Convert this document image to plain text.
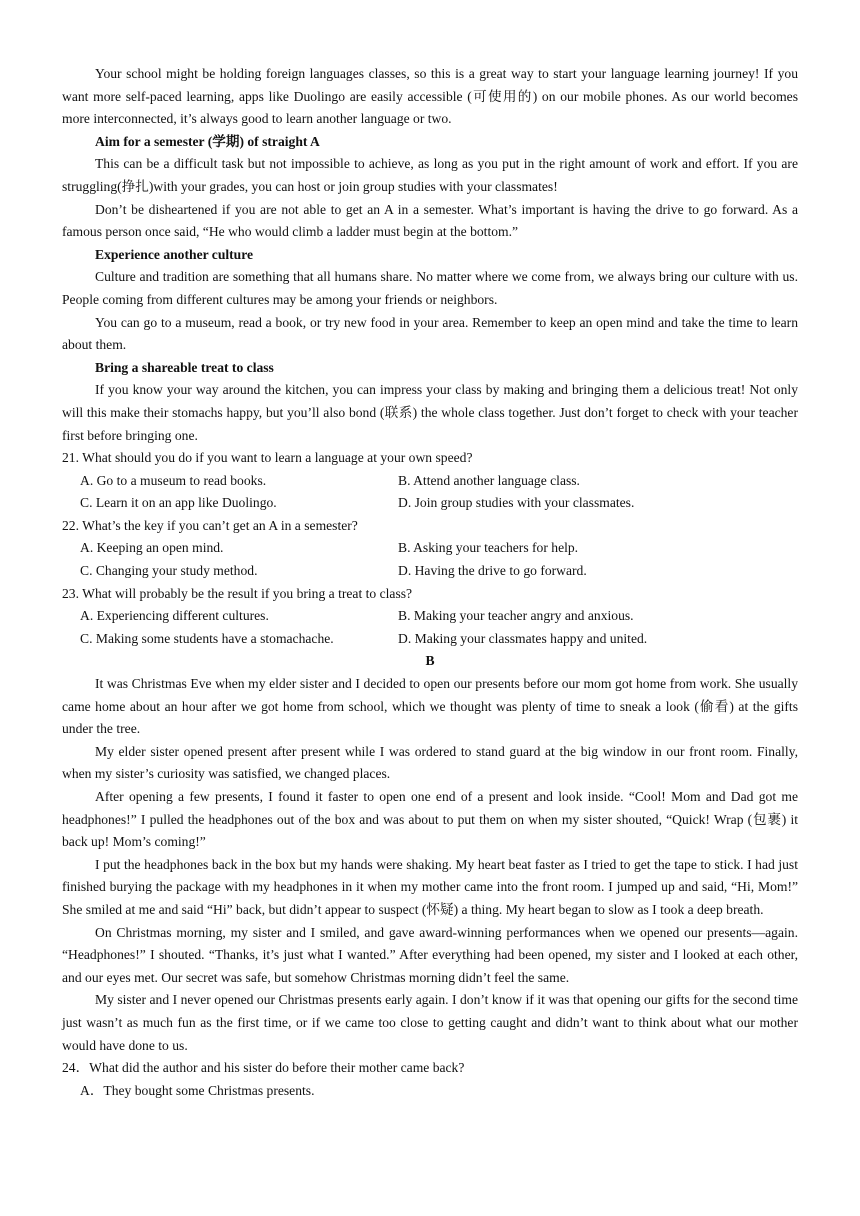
Your school might be holding foreign languages classes, so this is a great way to start your language learning journey! If you want more self-paced learning, apps like Duolingo are easily accessible (可使用的) on our mobile phones. As our world becomes more interconnected, it’s always good to learn another language or two.

Aim for a semester (学期) of straight A

This can be a difficult task but not impossible to achieve, as long as you put in the right amount of work and effort. If you are struggling(挣扎)with your grades, you can host or join group studies with your classmates!

Don’t be disheartened if you are not able to get an A in a semester. What’s important is having the drive to go forward. As a famous person once said, “He who would climb a ladder must begin at the bottom.”

Experience another culture

Culture and tradition are something that all humans share. No matter where we come from, we always bring our culture with us. People coming from different cultures may be among your friends or neighbors.

You can go to a museum, read a book, or try new food in your area. Remember to keep an open mind and take the time to learn about them.

Bring a shareable treat to class

If you know your way around the kitchen, you can impress your class by making and bringing them a delicious treat! Not only will this make their stomachs happy, but you’ll also bond (联系) the whole class together. Just don’t forget to check with your teacher first before bringing one.

21. What should you do if you want to learn a language at your own speed?

A. Go to a museum to read books.	B. Attend another language class.

C. Learn it on an app like Duolingo.	D. Join group studies with your classmates.

22. What’s the key if you can’t get an A in a semester?

A. Keeping an open mind.	B. Asking your teachers for help.

C. Changing your study method.	D. Having the drive to go forward.

23. What will probably be the result if you bring a treat to class?

A. Experiencing different cultures.	B. Making your teacher angry and anxious.

C. Making some students have a stomachache.	D. Making your classmates happy and united.

B

It was Christmas Eve when my elder sister and I decided to open our presents before our mom got home from work. She usually came home about an hour after we got home from school, which we thought was plenty of time to sneak a look (偷看) at the gifts under the tree.

My elder sister opened present after present while I was ordered to stand guard at the big window in our front room. Finally, when my sister’s curiosity was satisfied, we changed places.

After opening a few presents, I found it faster to open one end of a present and look inside. “Cool! Mom and Dad got me headphones!” I pulled the headphones out of the box and was about to put them on when my sister shouted, “Quick! Wrap (包裹) it back up! Mom’s coming!”

I put the headphones back in the box but my hands were shaking. My heart beat faster as I tried to get the tape to stick. I had just finished burying the package with my headphones in it when my mother came into the front room. I jumped up and said, “Hi, Mom!” She smiled at me and said “Hi” back, but didn’t appear to suspect (怀疑) a thing. My heart began to slow as I took a deep breath.

On Christmas morning, my sister and I smiled, and gave award-winning performances when we opened our presents—again. “Headphones!” I shouted. “Thanks, it’s just what I wanted.” After everything had been opened, my sister and I looked at each other, and our eyes met. Our secret was safe, but somehow Christmas morning didn’t feel the same.

My sister and I never opened our Christmas presents early again. I don’t know if it was that opening our gifts for the second time just wasn’t as much fun as the first time, or if we came too close to getting caught and didn’t want to think about what our mother would have done to us.

24．What did the author and his sister do before their mother came back?

A．They bought some Christmas presents.
